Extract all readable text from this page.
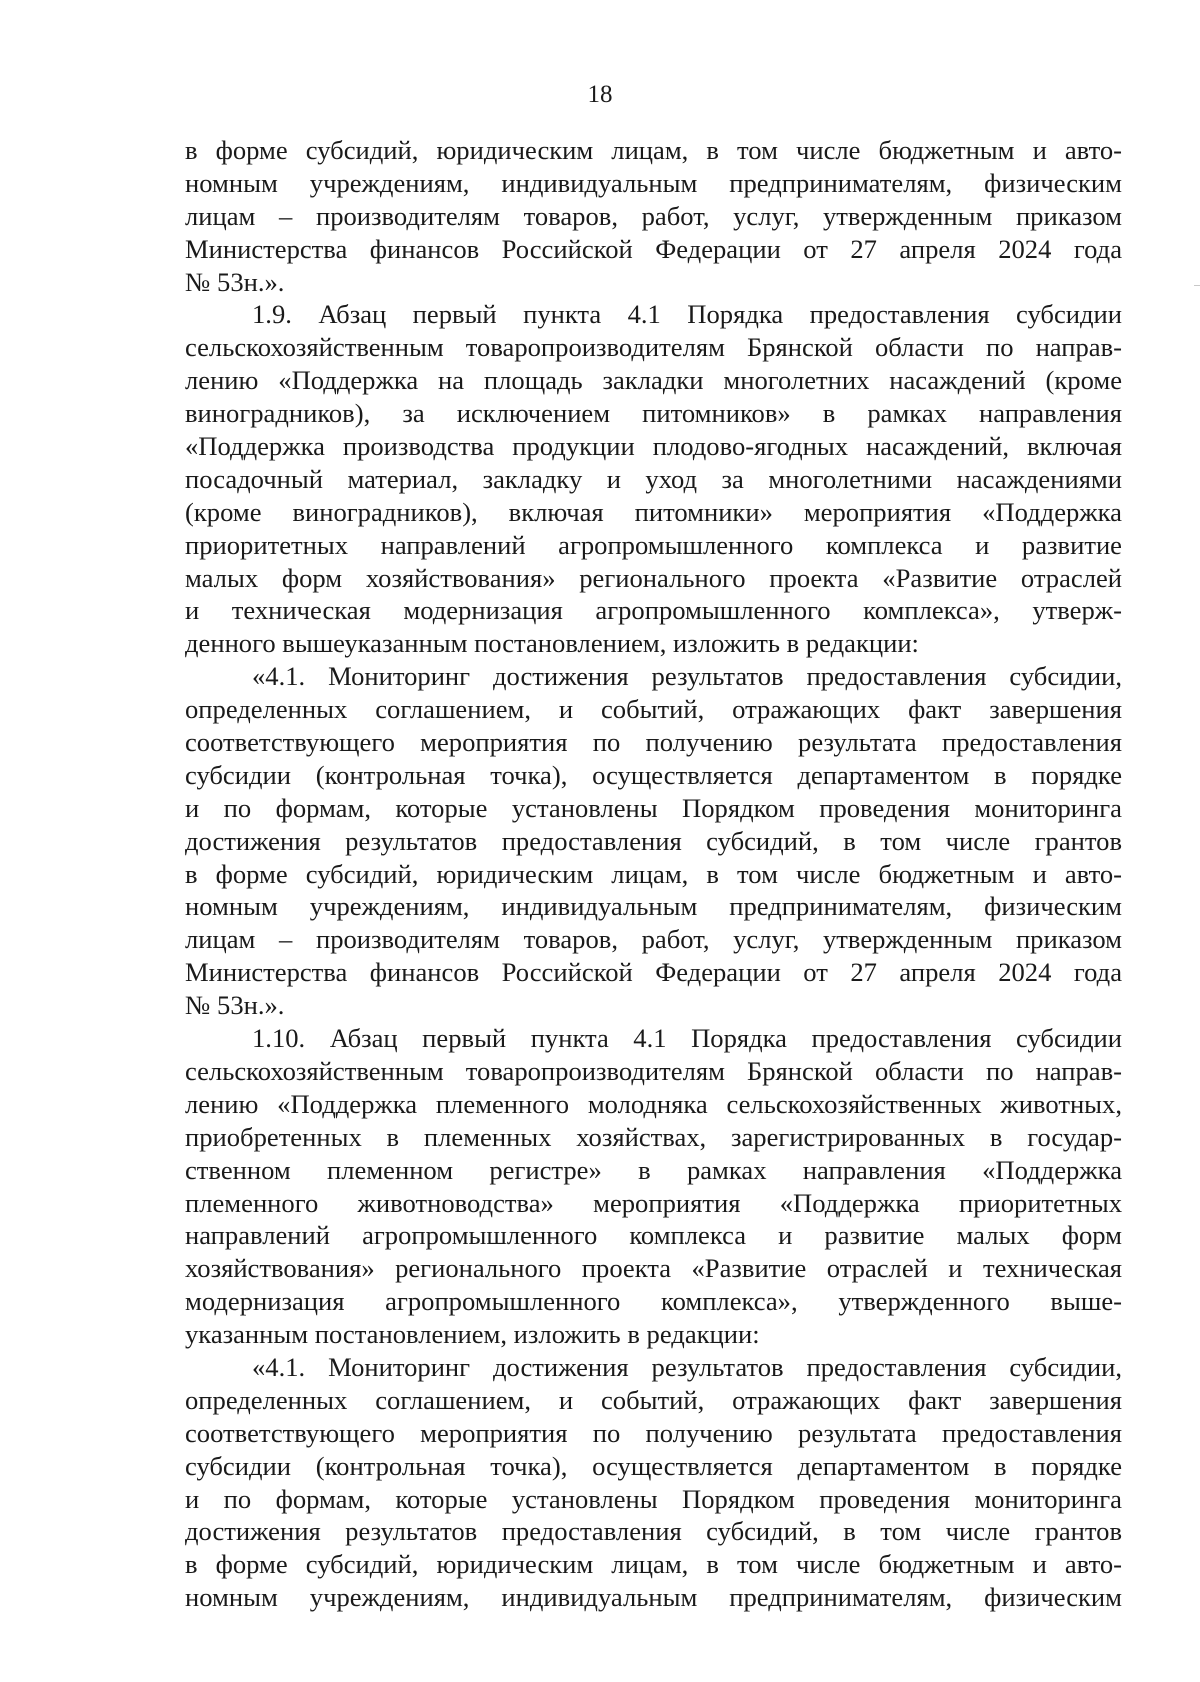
18
в форме субсидий, юридическим лицам, в том числе бюджетным и авто-
номным учреждениям, индивидуальным предпринимателям, физическим
лицам – производителям товаров, работ, услуг, утвержденным приказом
Министерства финансов Российской Федерации от 27 апреля 2024 года
№ 53н.».
1.9. Абзац первый пункта 4.1 Порядка предоставления субсидии
сельскохозяйственным товаропроизводителям Брянской области по направ-
лению «Поддержка на площадь закладки многолетних насаждений (кроме
виноградников), за исключением питомников» в рамках направления
«Поддержка производства продукции плодово-ягодных насаждений, включая
посадочный материал, закладку и уход за многолетними насаждениями
(кроме виноградников), включая питомники» мероприятия «Поддержка
приоритетных направлений агропромышленного комплекса и развитие
малых форм хозяйствования» регионального проекта «Развитие отраслей
и техническая модернизация агропромышленного комплекса», утверж-
денного вышеуказанным постановлением, изложить в редакции:
«4.1. Мониторинг достижения результатов предоставления субсидии,
определенных соглашением, и событий, отражающих факт завершения
соответствующего мероприятия по получению результата предоставления
субсидии (контрольная точка), осуществляется департаментом в порядке
и по формам, которые установлены Порядком проведения мониторинга
достижения результатов предоставления субсидий, в том числе грантов
в форме субсидий, юридическим лицам, в том числе бюджетным и авто-
номным учреждениям, индивидуальным предпринимателям, физическим
лицам – производителям товаров, работ, услуг, утвержденным приказом
Министерства финансов Российской Федерации от 27 апреля 2024 года
№ 53н.».
1.10. Абзац первый пункта 4.1 Порядка предоставления субсидии
сельскохозяйственным товаропроизводителям Брянской области по направ-
лению «Поддержка племенного молодняка сельскохозяйственных животных,
приобретенных в племенных хозяйствах, зарегистрированных в государ-
ственном племенном регистре» в рамках направления «Поддержка
племенного животноводства» мероприятия «Поддержка приоритетных
направлений агропромышленного комплекса и развитие малых форм
хозяйствования» регионального проекта «Развитие отраслей и техническая
модернизация агропромышленного комплекса», утвержденного выше-
указанным постановлением, изложить в редакции:
«4.1. Мониторинг достижения результатов предоставления субсидии,
определенных соглашением, и событий, отражающих факт завершения
соответствующего мероприятия по получению результата предоставления
субсидии (контрольная точка), осуществляется департаментом в порядке
и по формам, которые установлены Порядком проведения мониторинга
достижения результатов предоставления субсидий, в том числе грантов
в форме субсидий, юридическим лицам, в том числе бюджетным и авто-
номным учреждениям, индивидуальным предпринимателям, физическим
